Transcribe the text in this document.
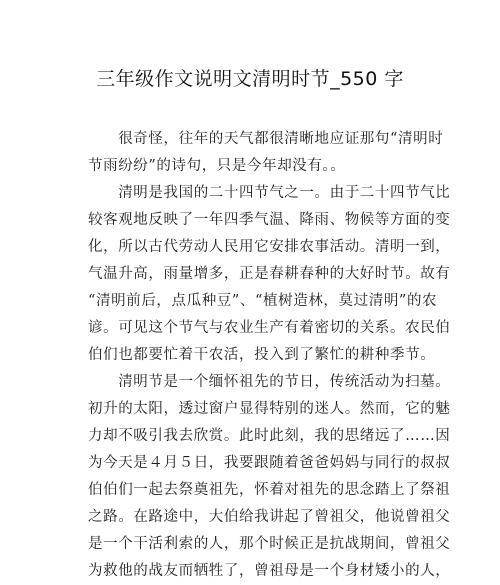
三年级作文说明文清明时节_550 字
　　很奇怪，往年的天气都很清晰地应证那句“清明时
节雨纷纷”的诗句，只是今年却没有。。
　　清明是我国的二十四节气之一。由于二十四节气比
较客观地反映了一年四季气温、降雨、物候等方面的变
化，所以古代劳动人民用它安排农事活动。清明一到，
气温升高，雨量增多，正是春耕春种的大好时节。故有
“清明前后，点瓜种豆”、“植树造林，莫过清明”的农
谚。可见这个节气与农业生产有着密切的关系。农民伯
伯们也都要忙着干农活，投入到了繁忙的耕种季节。
　　清明节是一个缅怀祖先的节日，传统活动为扫墓。
初升的太阳，透过窗户显得特别的迷人。然而，它的魅
力却不吸引我去欣赏。此时此刻，我的思绪远了……因
为今天是４月５日，我要跟随着爸爸妈妈与同行的叔叔
伯伯们一起去祭奠祖先，怀着对祖先的思念踏上了祭祖
之路。在路途中，大伯给我讲起了曾祖父，他说曾祖父
是一个干活利索的人，那个时候正是抗战期间，曾祖父
为救他的战友而牺牲了，曾祖母是一个身材矮小的人，
